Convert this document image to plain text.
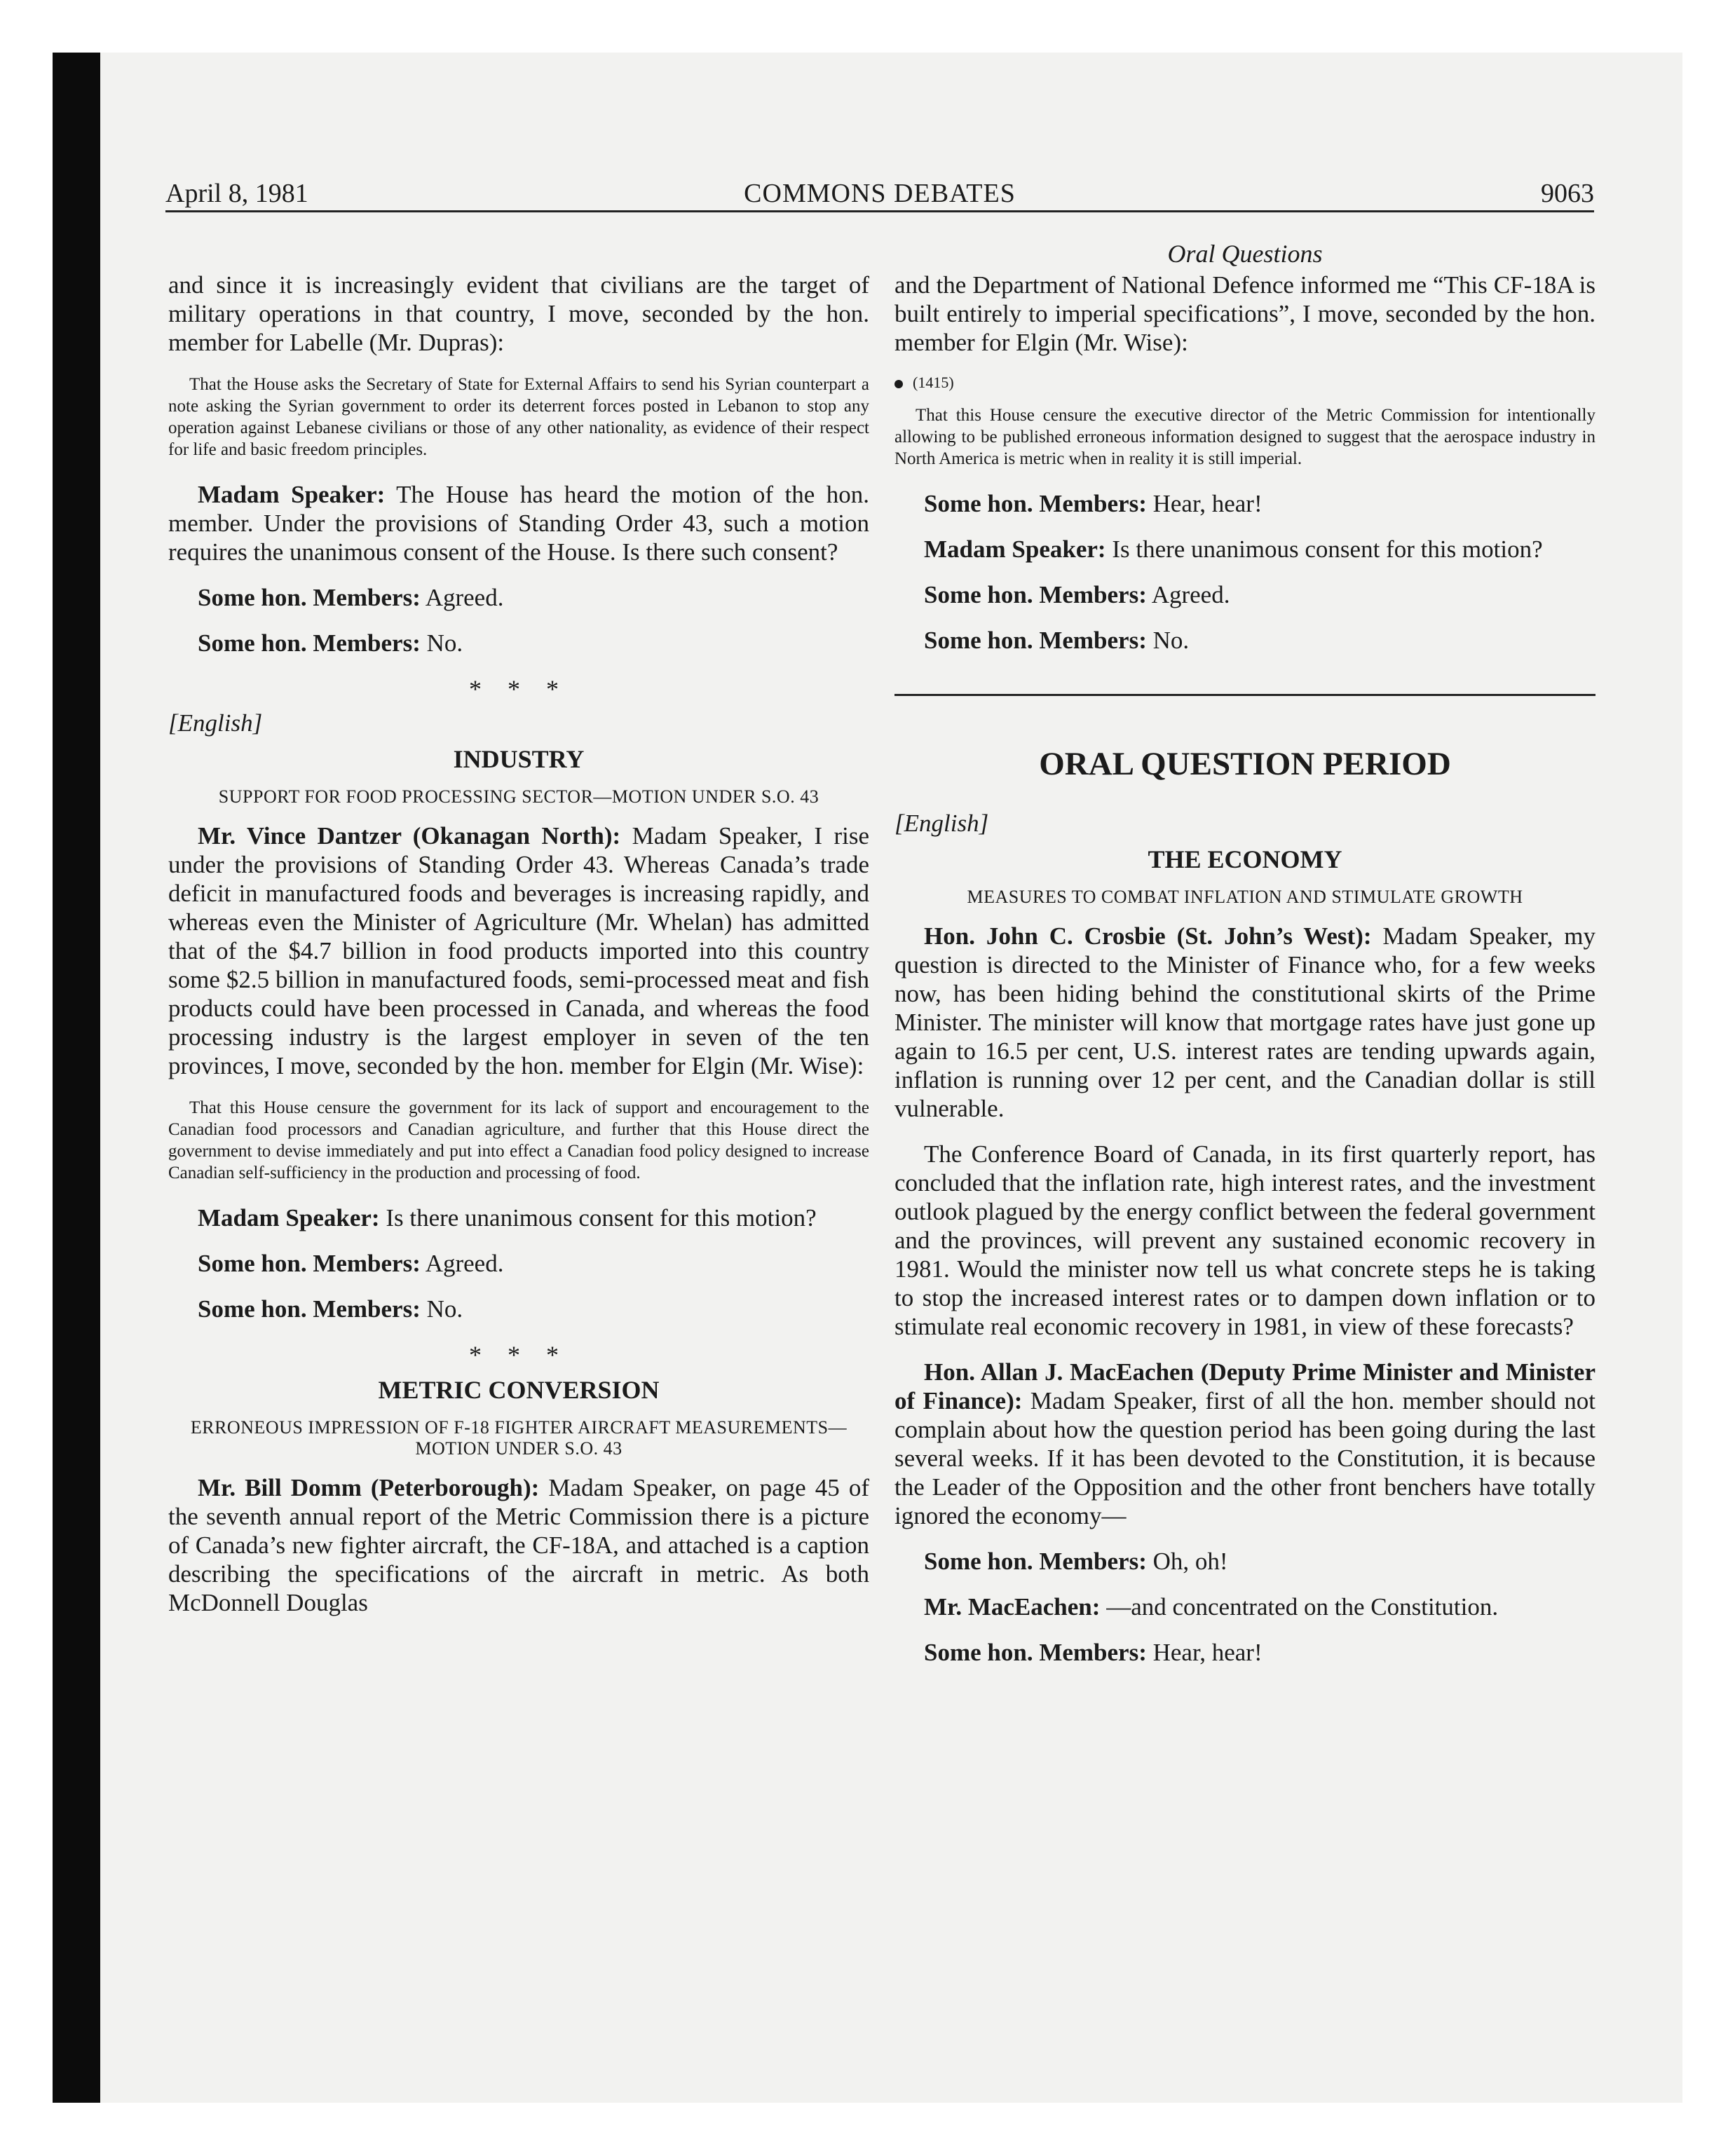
April 8, 1981	COMMONS DEBATES	9063

and since it is increasingly evident that civilians are the target of military operations in that country, I move, seconded by the hon. member for Labelle (Mr. Dupras):

That the House asks the Secretary of State for External Affairs to send his Syrian counterpart a note asking the Syrian government to order its deterrent forces posted in Lebanon to stop any operation against Lebanese civilians or those of any other nationality, as evidence of their respect for life and basic freedom principles.

Madam Speaker: The House has heard the motion of the hon. member. Under the provisions of Standing Order 43, such a motion requires the unanimous consent of the House. Is there such consent?

Some hon. Members: Agreed.

Some hon. Members: No.

* * *
[English]
INDUSTRY
SUPPORT FOR FOOD PROCESSING SECTOR—MOTION UNDER S.O. 43

Mr. Vince Dantzer (Okanagan North): Madam Speaker, I rise under the provisions of Standing Order 43. Whereas Canada’s trade deficit in manufactured foods and beverages is increasing rapidly, and whereas even the Minister of Agriculture (Mr. Whelan) has admitted that of the $4.7 billion in food products imported into this country some $2.5 billion in manufactured foods, semi-processed meat and fish products could have been processed in Canada, and whereas the food processing industry is the largest employer in seven of the ten provinces, I move, seconded by the hon. member for Elgin (Mr. Wise):

That this House censure the government for its lack of support and encouragement to the Canadian food processors and Canadian agriculture, and further that this House direct the government to devise immediately and put into effect a Canadian food policy designed to increase Canadian self-sufficiency in the production and processing of food.

Madam Speaker: Is there unanimous consent for this motion?

Some hon. Members: Agreed.

Some hon. Members: No.

* * *
METRIC CONVERSION
ERRONEOUS IMPRESSION OF F-18 FIGHTER AIRCRAFT MEASUREMENTS—MOTION UNDER S.O. 43

Mr. Bill Domm (Peterborough): Madam Speaker, on page 45 of the seventh annual report of the Metric Commission there is a picture of Canada’s new fighter aircraft, the CF-18A, and attached is a caption describing the specifications of the aircraft in metric. As both McDonnell Douglas

Oral Questions

and the Department of National Defence informed me “This CF-18A is built entirely to imperial specifications”, I move, seconded by the hon. member for Elgin (Mr. Wise):

(1415)

That this House censure the executive director of the Metric Commission for intentionally allowing to be published erroneous information designed to suggest that the aerospace industry in North America is metric when in reality it is still imperial.

Some hon. Members: Hear, hear!

Madam Speaker: Is there unanimous consent for this motion?

Some hon. Members: Agreed.

Some hon. Members: No.

ORAL QUESTION PERIOD
[English]
THE ECONOMY
MEASURES TO COMBAT INFLATION AND STIMULATE GROWTH

Hon. John C. Crosbie (St. John’s West): Madam Speaker, my question is directed to the Minister of Finance who, for a few weeks now, has been hiding behind the constitutional skirts of the Prime Minister. The minister will know that mortgage rates have just gone up again to 16.5 per cent, U.S. interest rates are tending upwards again, inflation is running over 12 per cent, and the Canadian dollar is still vulnerable.

The Conference Board of Canada, in its first quarterly report, has concluded that the inflation rate, high interest rates, and the investment outlook plagued by the energy conflict between the federal government and the provinces, will prevent any sustained economic recovery in 1981. Would the minister now tell us what concrete steps he is taking to stop the increased interest rates or to dampen down inflation or to stimulate real economic recovery in 1981, in view of these forecasts?

Hon. Allan J. MacEachen (Deputy Prime Minister and Minister of Finance): Madam Speaker, first of all the hon. member should not complain about how the question period has been going during the last several weeks. If it has been devoted to the Constitution, it is because the Leader of the Opposition and the other front benchers have totally ignored the economy—

Some hon. Members: Oh, oh!

Mr. MacEachen: —and concentrated on the Constitution.

Some hon. Members: Hear, hear!
